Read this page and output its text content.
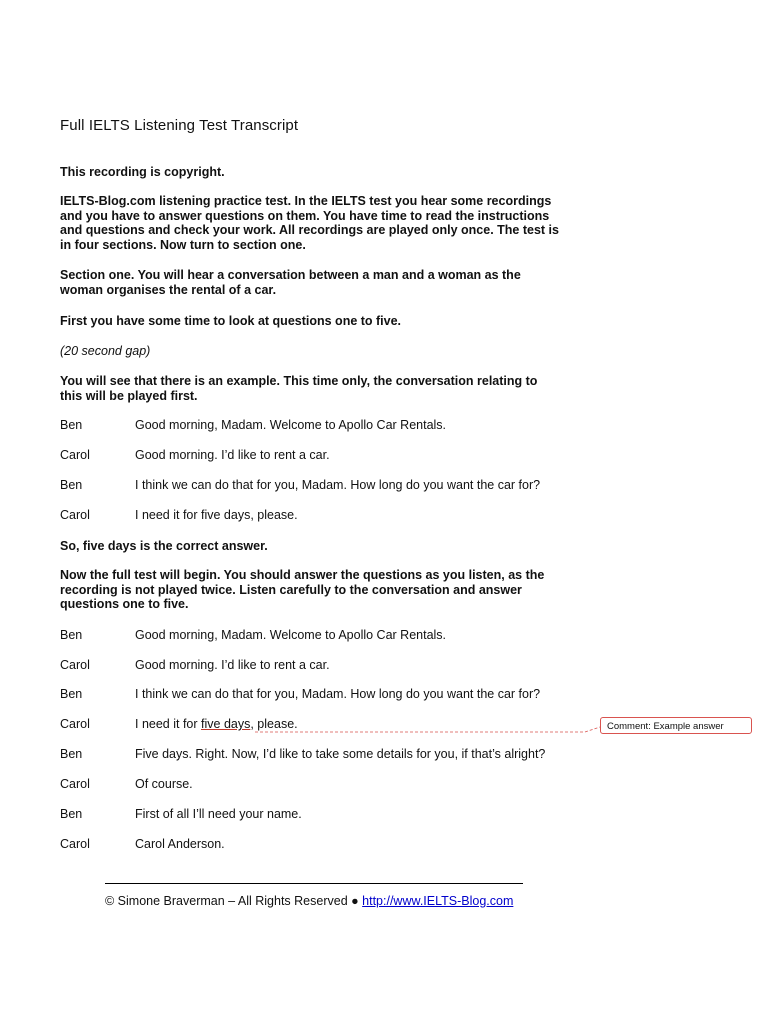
Full IELTS Listening Test Transcript
This recording is copyright.
IELTS-Blog.com listening practice test. In the IELTS test you hear some recordings and you have to answer questions on them. You have time to read the instructions and questions and check your work. All recordings are played only once. The test is in four sections. Now turn to section one.
Section one. You will hear a conversation between a man and a woman as the woman organises the rental of a car.
First you have some time to look at questions one to five.
(20 second gap)
You will see that there is an example. This time only, the conversation relating to this will be played first.
Ben	Good morning, Madam. Welcome to Apollo Car Rentals.
Carol	Good morning. I’d like to rent a car.
Ben	I think we can do that for you, Madam. How long do you want the car for?
Carol	I need it for five days, please.
So, five days is the correct answer.
Now the full test will begin. You should answer the questions as you listen, as the recording is not played twice. Listen carefully to the conversation and answer questions one to five.
Ben	Good morning, Madam. Welcome to Apollo Car Rentals.
Carol	Good morning. I’d like to rent a car.
Ben	I think we can do that for you, Madam. How long do you want the car for?
Carol	I need it for five days, please.
Ben	Five days. Right. Now, I’d like to take some details for you, if that’s alright?
Carol	Of course.
Ben	First of all I’ll need your name.
Carol	Carol Anderson.
Comment: Example answer
© Simone Braverman – All Rights Reserved ● http://www.IELTS-Blog.com
